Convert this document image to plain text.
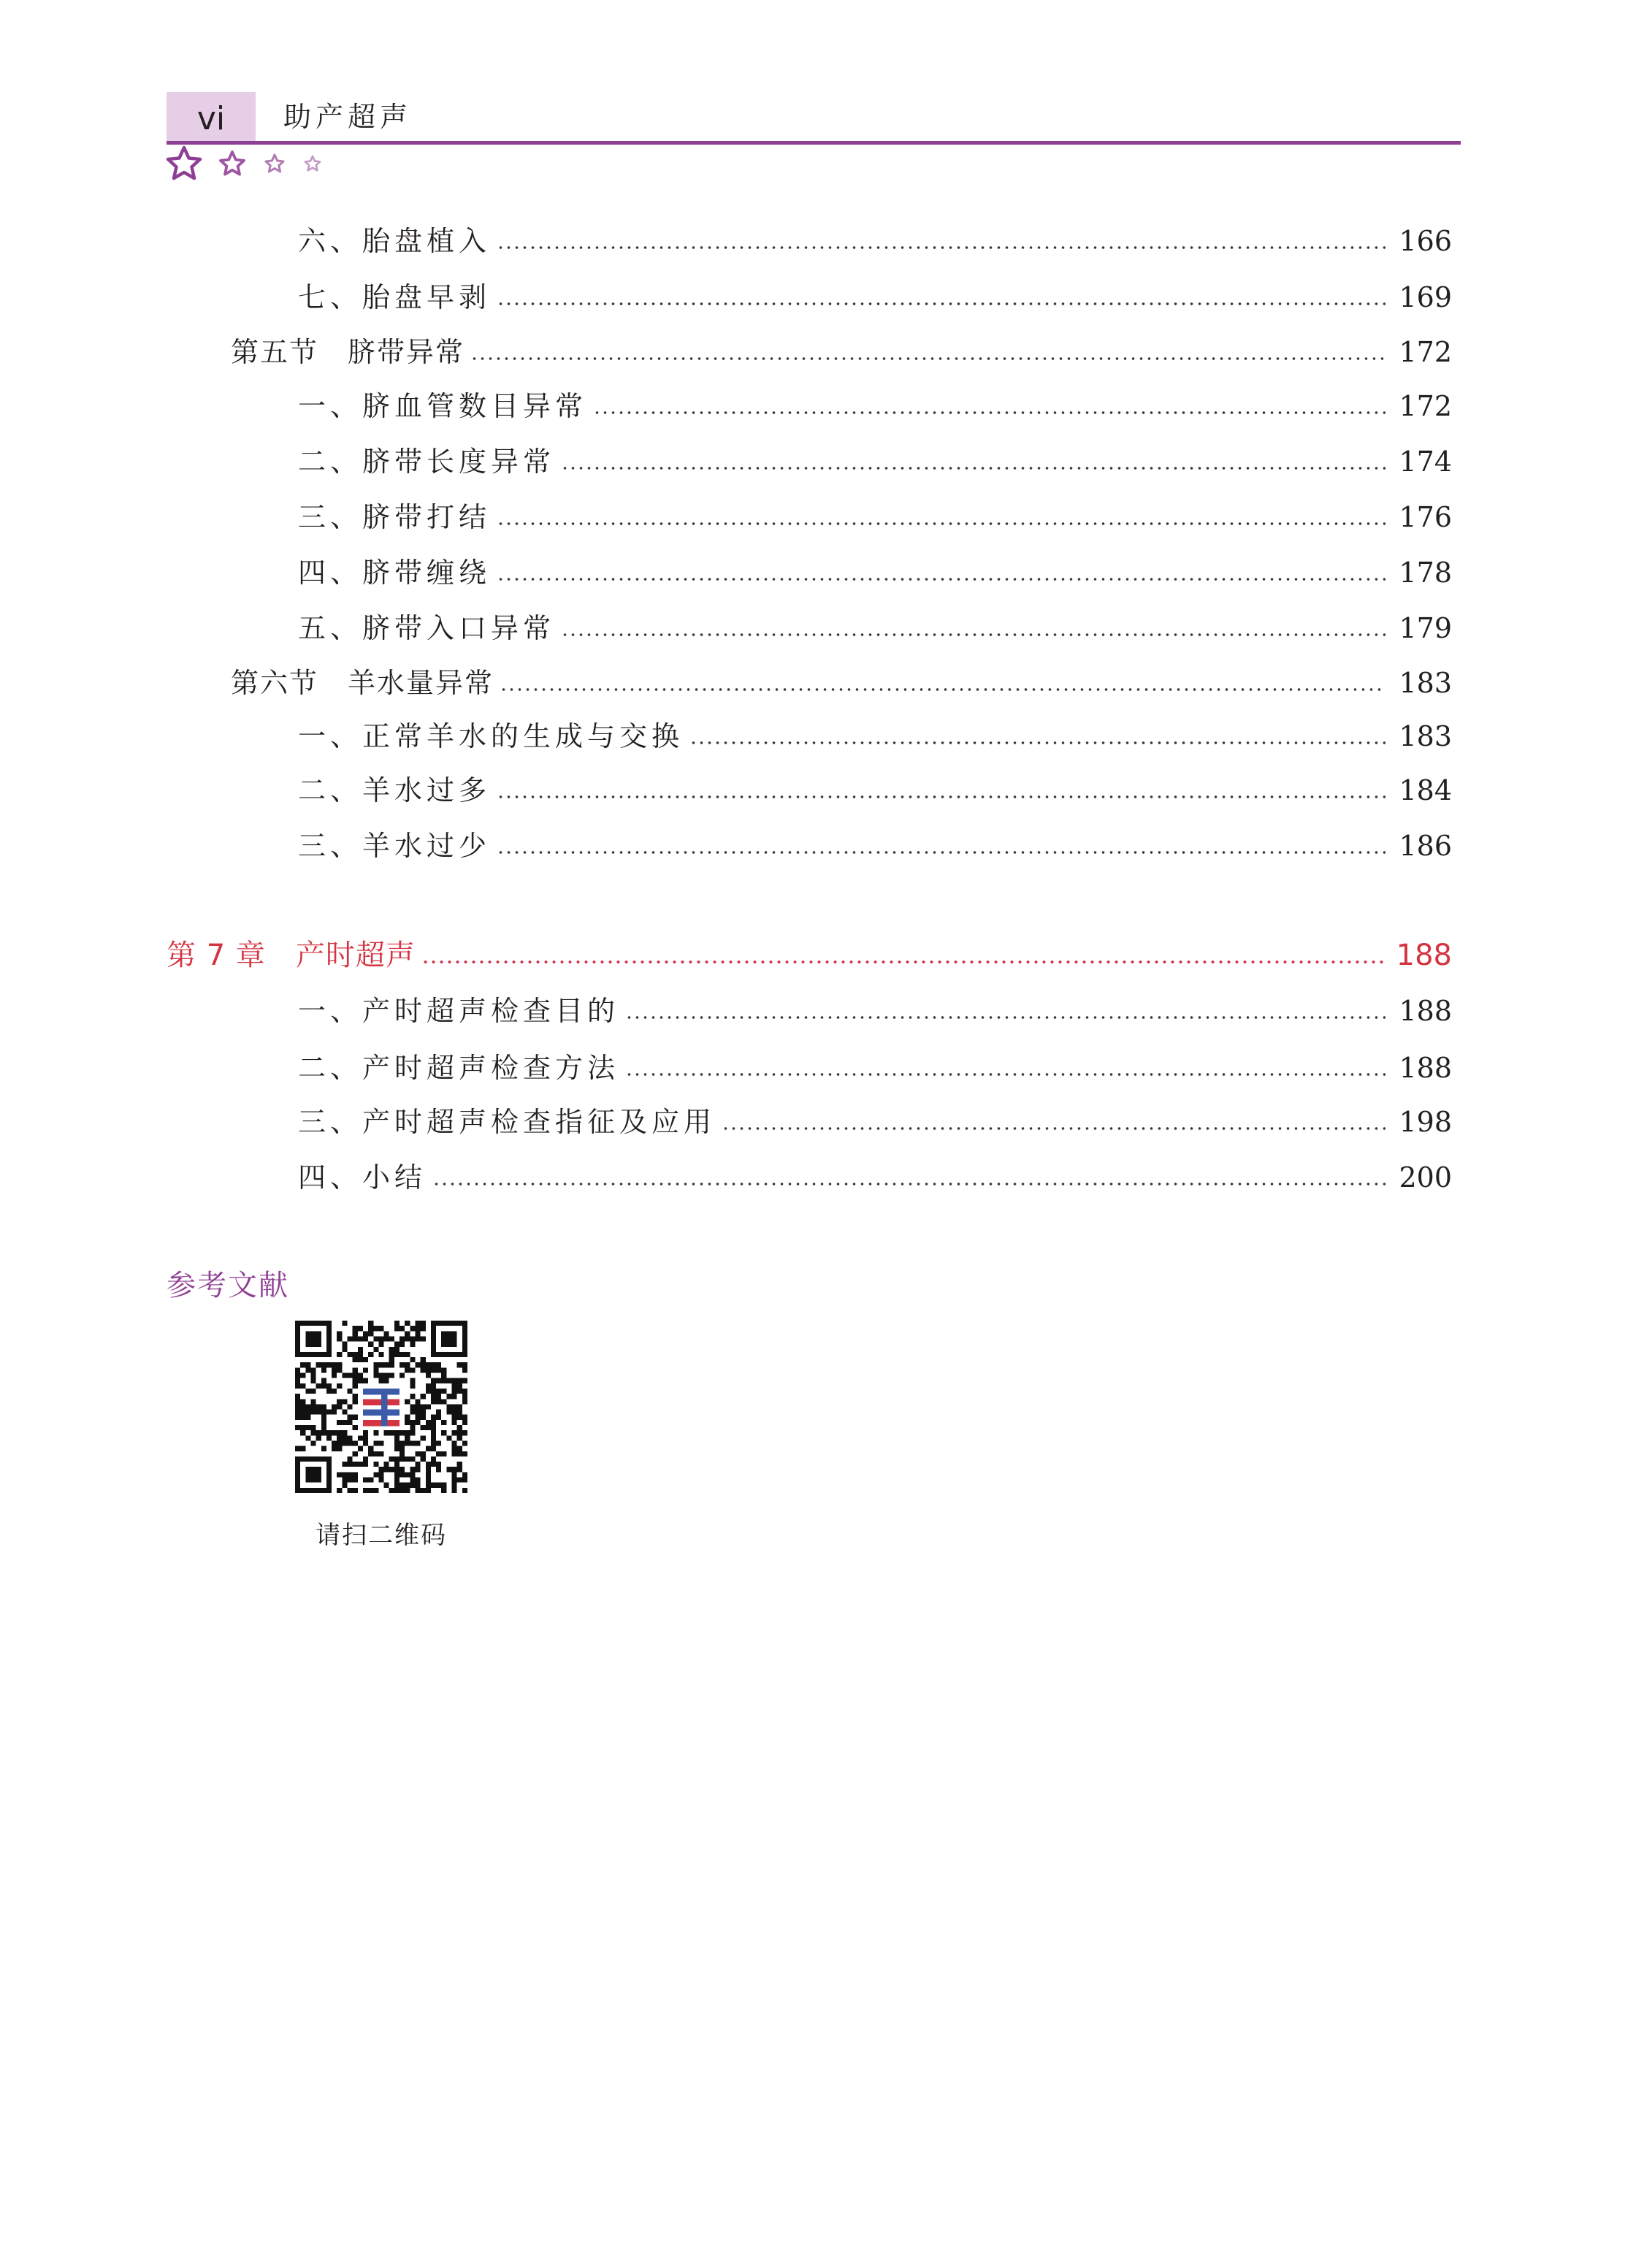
vi	助产超声
六、胎盘植入	166
七、胎盘早剥	169
第五节　脐带异常	172
一、脐血管数目异常	172
二、脐带长度异常	174
三、脐带打结	176
四、脐带缠绕	178
五、脐带入口异常	179
第六节　羊水量异常	183
一、正常羊水的生成与交换	183
二、羊水过多	184
三、羊水过少	186
第 7 章　产时超声	188
一、产时超声检查目的	188
二、产时超声检查方法	188
三、产时超声检查指征及应用	198
四、小结	200
参考文献
请扫二维码
